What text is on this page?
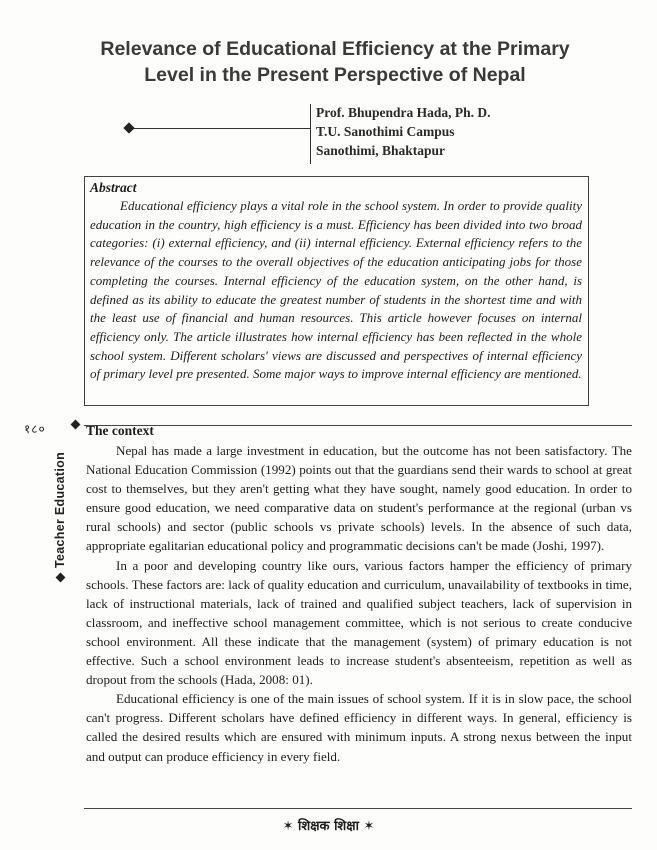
Relevance of Educational Efficiency at the Primary
Level in the Present Perspective of Nepal
Prof. Bhupendra Hada, Ph. D.
T.U. Sanothimi Campus
Sanothimi, Bhaktapur
Abstract

Educational efficiency plays a vital role in the school system. In order to provide quality education in the country, high efficiency is a must. Efficiency has been divided into two broad categories: (i) external efficiency, and (ii) internal efficiency. External efficiency refers to the relevance of the courses to the overall objectives of the education anticipating jobs for those completing the courses. Internal efficiency of the education system, on the other hand, is defined as its ability to educate the greatest number of students in the shortest time and with the least use of financial and human resources. This article however focuses on internal efficiency only. The article illustrates how internal efficiency has been reflected in the whole school system. Different scholars' views are discussed and perspectives of internal efficiency of primary level pre presented. Some major ways to improve internal efficiency are mentioned.

१८०
Teacher Education
The context

Nepal has made a large investment in education, but the outcome has not been satisfactory. The National Education Commission (1992) points out that the guardians send their wards to school at great cost to themselves, but they aren't getting what they have sought, namely good education. In order to ensure good education, we need comparative data on student's performance at the regional (urban vs rural schools) and sector (public schools vs private schools) levels. In the absence of such data, appropriate egalitarian educational policy and programmatic decisions can't be made (Joshi, 1997).

In a poor and developing country like ours, various factors hamper the efficiency of primary schools. These factors are: lack of quality education and curriculum, unavailability of textbooks in time, lack of instructional materials, lack of trained and qualified subject teachers, lack of supervision in classroom, and ineffective school management committee, which is not serious to create conducive school environment. All these indicate that the management (system) of primary education is not effective. Such a school environment leads to increase student's absenteeism, repetition as well as dropout from the schools (Hada, 2008: 01).

Educational efficiency is one of the main issues of school system. If it is in slow pace, the school can't progress. Different scholars have defined efficiency in different ways. In general, efficiency is called the desired results which are ensured with minimum inputs. A strong nexus between the input and output can produce efficiency in every field.

✶ शिक्षक शिक्षा ✶
